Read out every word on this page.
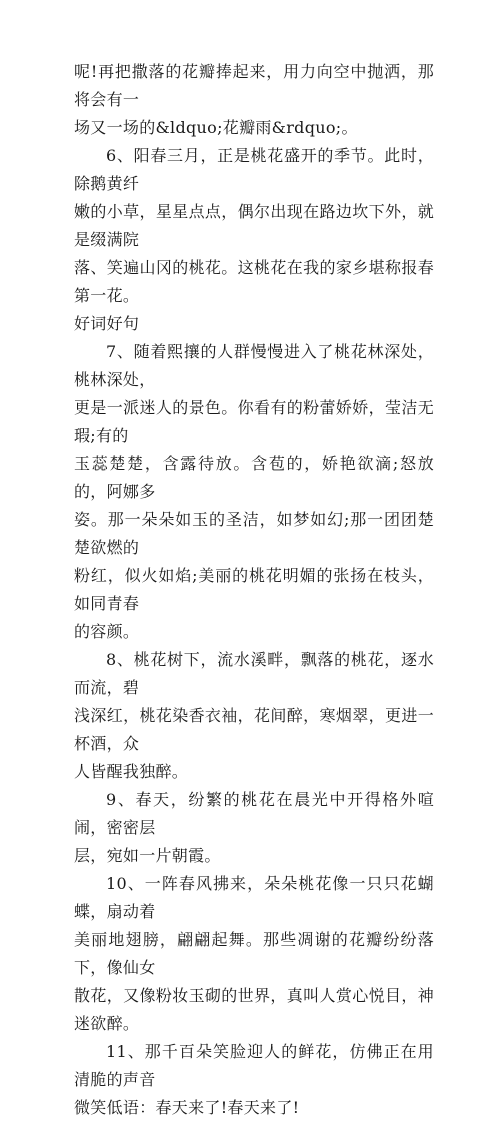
呢!再把撒落的花瓣捧起来，用力向空中抛洒，那将会有一
场又一场的&ldquo;花瓣雨&rdquo;。
6、阳春三月，正是桃花盛开的季节。此时，除鹅黄纤
嫩的小草，星星点点，偶尔出现在路边坎下外，就是缀满院
落、笑遍山冈的桃花。这桃花在我的家乡堪称报春第一花。
好词好句
7、随着熙攘的人群慢慢进入了桃花林深处，桃林深处，
更是一派迷人的景色。你看有的粉蕾娇娇，莹洁无瑕;有的
玉蕊楚楚，含露待放。含苞的，娇艳欲滴;怒放的，阿娜多
姿。那一朵朵如玉的圣洁，如梦如幻;那一团团楚楚欲燃的
粉红，似火如焰;美丽的桃花明媚的张扬在枝头，如同青春
的容颜。
8、桃花树下，流水溪畔，飘落的桃花，逐水而流，碧
浅深红，桃花染香衣袖，花间醉，寒烟翠，更进一杯酒，众
人皆醒我独醉。
9、春天，纷繁的桃花在晨光中开得格外喧闹，密密层
层，宛如一片朝霞。
10、一阵春风拂来，朵朵桃花像一只只花蝴蝶，扇动着
美丽地翅膀，翩翩起舞。那些凋谢的花瓣纷纷落下，像仙女
散花，又像粉妆玉砌的世界，真叫人赏心悦目，神迷欲醉。
11、那千百朵笑脸迎人的鲜花，仿佛正在用清脆的声音
微笑低语：春天来了!春天来了!
